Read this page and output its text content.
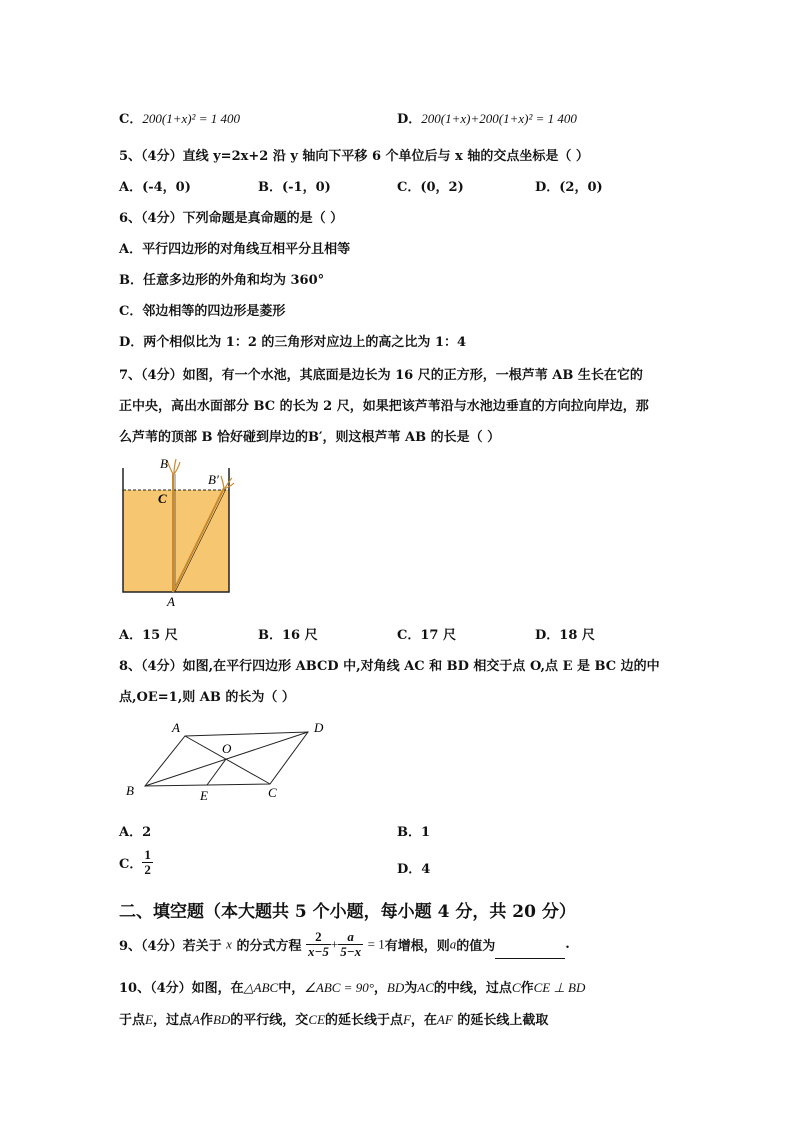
C．200(1+x)² = 1 400	D．200(1+x)+200(1+x)² = 1 400
5、（4分）直线 y=2x+2 沿 y 轴向下平移 6 个单位后与 x 轴的交点坐标是（ ）
A．(-4，0)	B．(-1，0)	C．(0，2)	D．(2，0)
6、（4分）下列命题是真命题的是（ ）
A．平行四边形的对角线互相平分且相等
B．任意多边形的外角和均为 360°
C．邻边相等的四边形是菱形
D．两个相似比为 1：2 的三角形对应边上的高之比为 1：4
7、（4分）如图，有一个水池，其底面是边长为 16 尺的正方形，一根芦苇 AB 生长在它的
正中央，高出水面部分 BC 的长为 2 尺，如果把该芦苇沿与水池边垂直的方向拉向岸边，那
么芦苇的顶部 B 恰好碰到岸边的B′，则这根芦苇 AB 的长是（ ）
B
C
B′
A
A．15 尺	B．16 尺	C．17 尺	D．18 尺
8、（4分）如图,在平行四边形 ABCD 中,对角线 AC 和 BD 相交于点 O,点 E 是 BC 边的中
点,OE=1,则 AB 的长为（ ）
A	D
O
B	E	C
A．2	B．1
C． $\frac{1}{2}$	D．4
二、填空题（本大题共 5 个小题，每小题 4 分，共 20 分）
9、（4分）若关于 x 的分式方程 $\frac{2}{x-5} + \frac{a}{5-x} = 1$有增根，则a的值为	.
10、（4分）如图，在△ABC中，∠ABC = 90°，BD为AC的中线，过点C作CE ⊥ BD
于点E，过点A作BD的平行线，交CE的延长线于点F，在AF 的延长线上截取
